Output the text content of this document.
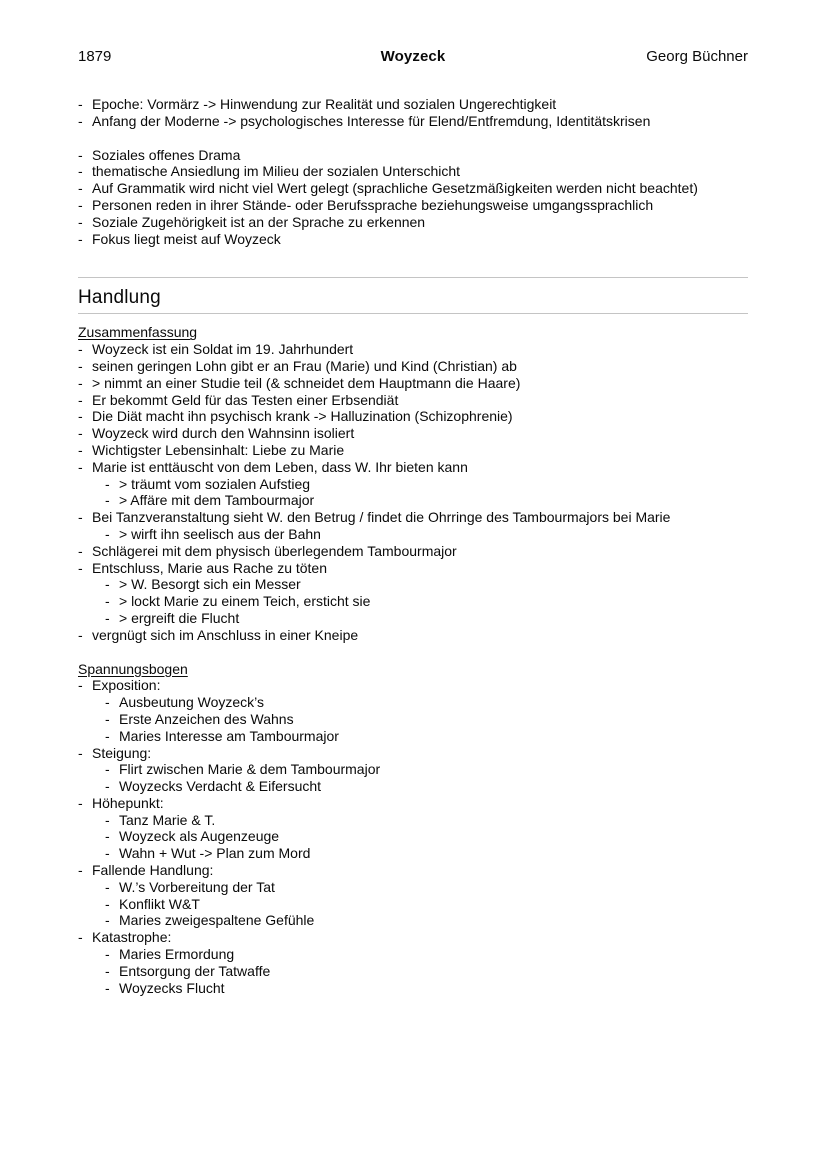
1879	Woyzeck	Georg Büchner
- Epoche: Vormärz -> Hinwendung zur Realität und sozialen Ungerechtigkeit
- Anfang der Moderne -> psychologisches Interesse für Elend/Entfremdung, Identitätskrisen
- Soziales offenes Drama
- thematische Ansiedlung im Milieu der sozialen Unterschicht
- Auf Grammatik wird nicht viel Wert gelegt (sprachliche Gesetzmäßigkeiten werden nicht beachtet)
- Personen reden in ihrer Stände- oder Berufssprache beziehungsweise umgangssprachlich
- Soziale Zugehörigkeit ist an der Sprache zu erkennen
- Fokus liegt meist auf Woyzeck
Handlung
Zusammenfassung
- Woyzeck ist ein Soldat im 19. Jahrhundert
- seinen geringen Lohn gibt er an Frau (Marie) und Kind (Christian) ab
- > nimmt an einer Studie teil (& schneidet dem Hauptmann die Haare)
- Er bekommt Geld für das Testen einer Erbsendiät
- Die Diät macht ihn psychisch krank -> Halluzination (Schizophrenie)
- Woyzeck wird durch den Wahnsinn isoliert
- Wichtigster Lebensinhalt: Liebe zu Marie
- Marie ist enttäuscht von dem Leben, dass W. Ihr bieten kann
- > träumt vom sozialen Aufstieg
- > Affäre mit dem Tambourmajor
- Bei Tanzveranstaltung sieht W. den Betrug / findet die Ohrringe des Tambourmajors bei Marie
- > wirft ihn seelisch aus der Bahn
- Schlägerei mit dem physisch überlegendem Tambourmajor
- Entschluss, Marie aus Rache zu töten
- > W. Besorgt sich ein Messer
- > lockt Marie zu einem Teich, ersticht sie
- > ergreift die Flucht
- vergnügt sich im Anschluss in einer Kneipe
Spannungsbogen
- Exposition:
- Ausbeutung Woyzeck’s
- Erste Anzeichen des Wahns
- Maries Interesse am Tambourmajor
- Steigung:
- Flirt zwischen Marie & dem Tambourmajor
- Woyzecks Verdacht & Eifersucht
- Höhepunkt:
- Tanz Marie & T.
- Woyzeck als Augenzeuge
- Wahn + Wut -> Plan zum Mord
- Fallende Handlung:
- W.’s Vorbereitung der Tat
- Konflikt W&T
- Maries zweigespaltene Gefühle
- Katastrophe:
- Maries Ermordung
- Entsorgung der Tatwaffe
- Woyzecks Flucht
